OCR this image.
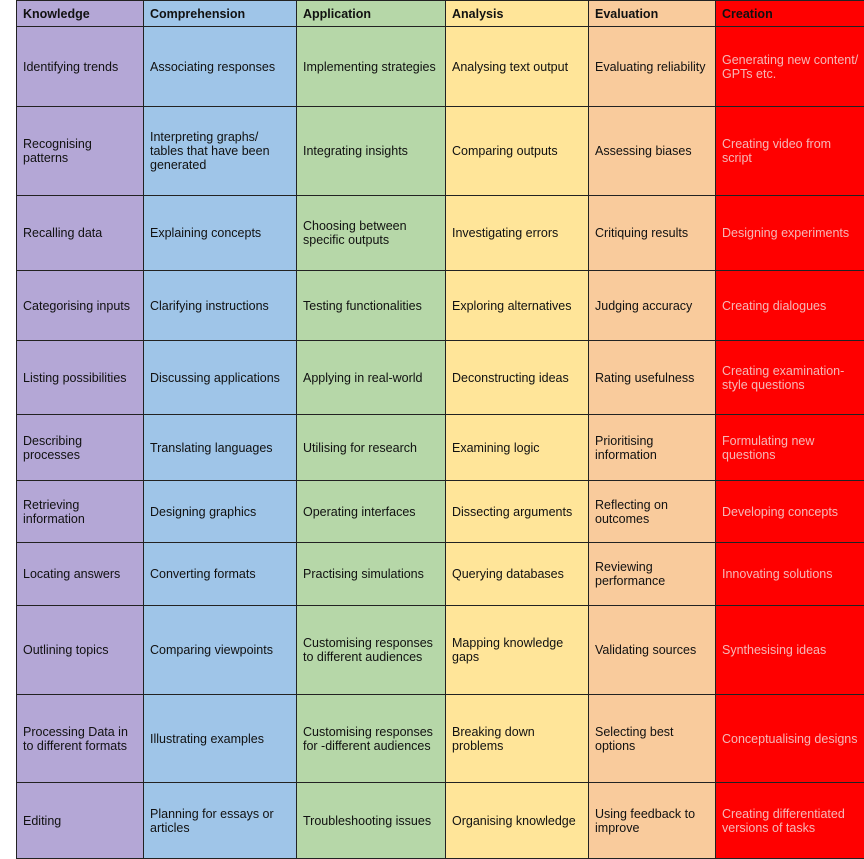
Knowledge	Comprehension	Application	Analysis	Evaluation	Creation
Identifying trends	Associating responses	Implementing strategies	Analysing text output	Evaluating reliability	Generating new content/ GPTs etc.
Recognising patterns	Interpreting graphs/ tables that have been generated	Integrating insights	Comparing outputs	Assessing biases	Creating video from script
Recalling data	Explaining concepts	Choosing between specific outputs	Investigating errors	Critiquing results	Designing experiments
Categorising inputs	Clarifying instructions	Testing functionalities	Exploring alternatives	Judging accuracy	Creating dialogues
Listing possibilities	Discussing applications	Applying in real-world	Deconstructing ideas	Rating usefulness	Creating examination-style questions
Describing processes	Translating languages	Utilising for research	Examining logic	Prioritising information	Formulating new questions
Retrieving information	Designing graphics	Operating interfaces	Dissecting arguments	Reflecting on outcomes	Developing concepts
Locating answers	Converting formats	Practising simulations	Querying databases	Reviewing performance	Innovating solutions
Outlining topics	Comparing viewpoints	Customising responses to different audiences	Mapping knowledge gaps	Validating sources	Synthesising ideas
Processing Data in to different formats	Illustrating examples	Customising responses for -different audiences	Breaking down problems	Selecting best options	Conceptualising designs
Editing	Planning for essays or articles	Troubleshooting issues	Organising knowledge	Using feedback to improve	Creating differentiated versions of tasks
